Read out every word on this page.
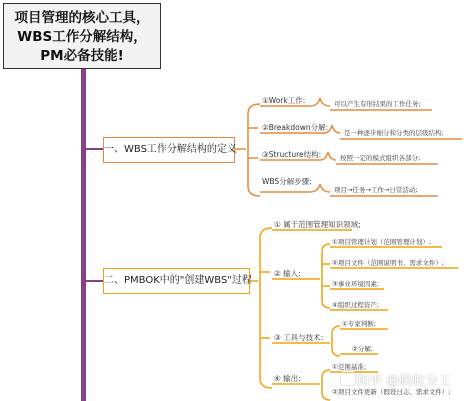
项目管理的核心工具，
WBS工作分解结构，
PM必备技能!
一、WBS工作分解结构的定义
①Work工作:	可以产生有形结果的工作任务;
②Breakdown分解:
是一种逐步细分和分类的层级结构;
③Structure结构:	按照一定的模式组织各部分;
WBS分解步骤:
项目→任务→工作→日常活动;
二、PMBOK中的"创建WBS"过程
① 属于范围管理知识领域;
② 输入:
①项目管理计划（范围管理计划）;
②项目文件（范围说明书、需求文件）;
③事业环境因素;
④组织过程资产;
③ 工具与技术:
①专家判断;
②分解;
④ 输出:
①范围基准;
②项目文件更新（假设日志、需求文件）;
知乎 @蚂蚁分工
